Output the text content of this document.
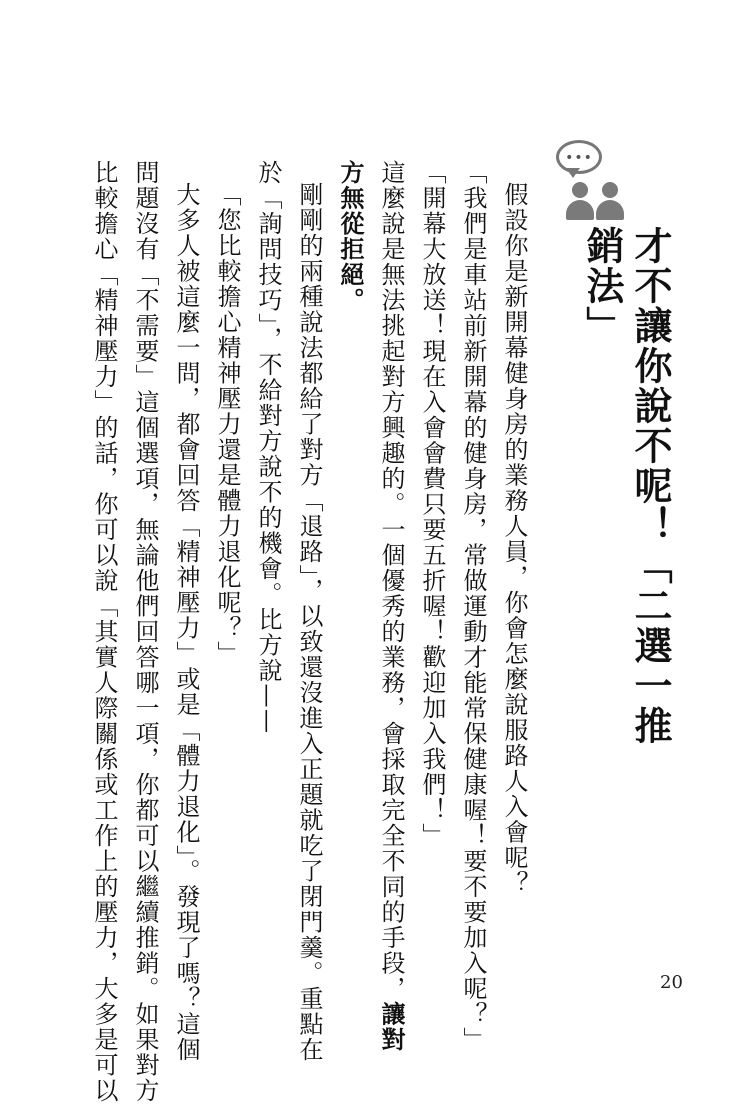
•••
才不讓你說不呢！「二選一推銷法」
假設你是新開幕健身房的業務人員，你會怎麼說服路人入會呢？
「我們是車站前新開幕的健身房，常做運動才能常保健康喔！要不要加入呢？」
「開幕大放送！現在入會會費只要五折喔！歡迎加入我們！」
這麼說是無法挑起對方興趣的。一個優秀的業務，會採取完全不同的手段，讓對
方無從拒絕。
剛剛的兩種說法都給了對方「退路」，以致還沒進入正題就吃了閉門羹。重點在
於「詢問技巧」，不給對方說不的機會。比方說——
「您比較擔心精神壓力還是體力退化呢？」
大多人被這麼一問，都會回答「精神壓力」或是「體力退化」。發現了嗎？這個
問題沒有「不需要」這個選項，無論他們回答哪一項，你都可以繼續推銷。如果對方
比較擔心「精神壓力」的話，你可以說「其實人際關係或工作上的壓力，大多是可以	20
